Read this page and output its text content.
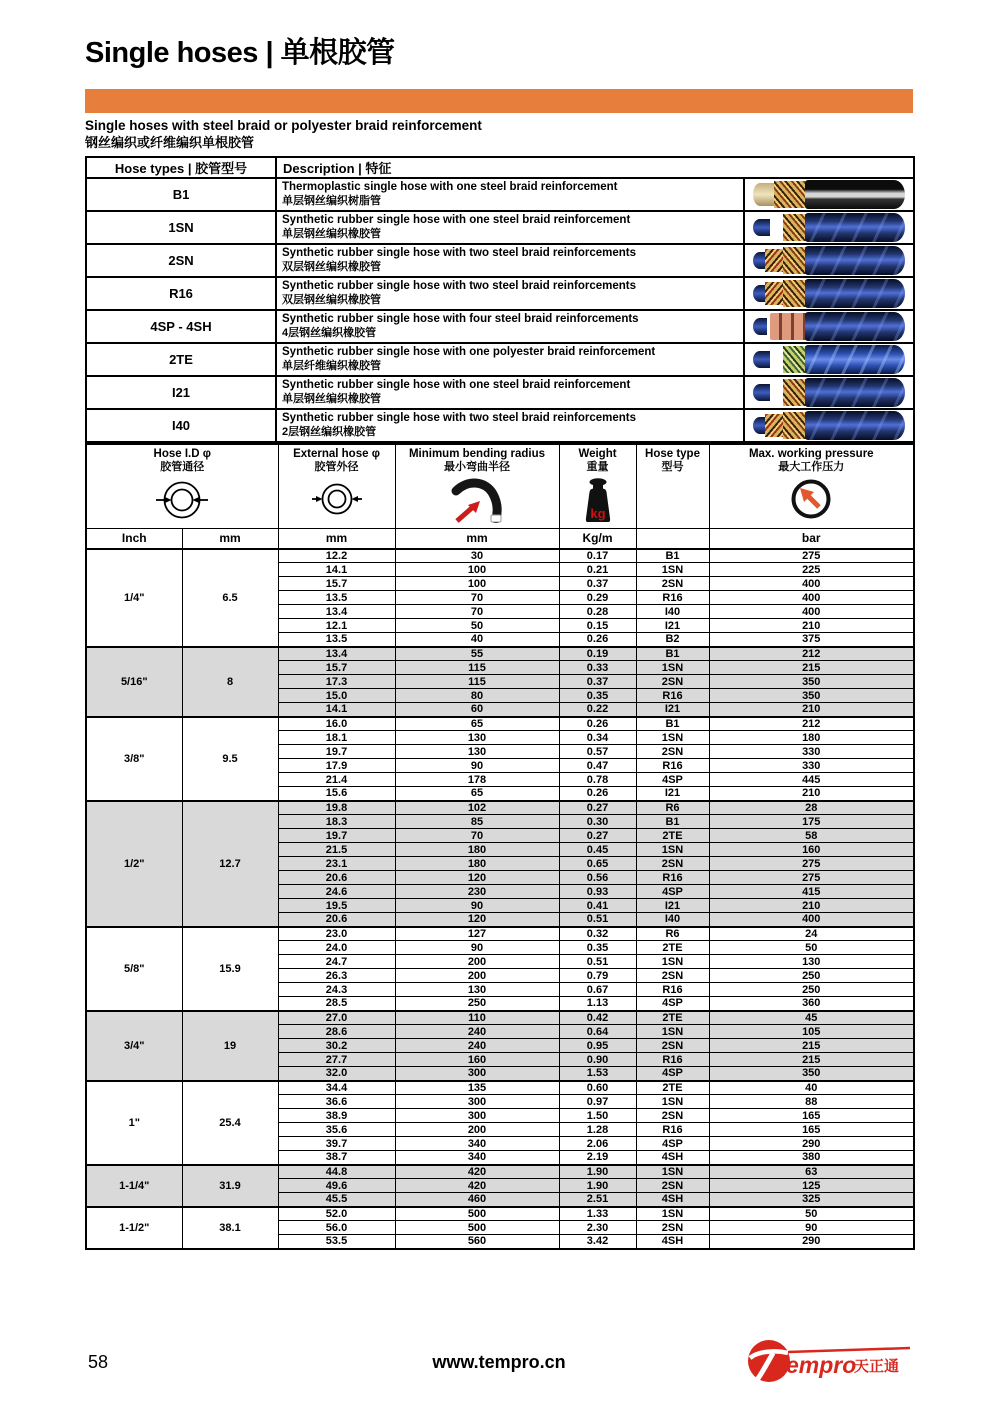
Single hoses | 单根胶管
Single hoses with steel braid or polyester braid reinforcement
钢丝编织或纤维编织单根胶管
Hose types | 胶管型号	Description | 特征	
B1	Thermoplastic single hose with one steel braid reinforcement
单层钢丝编织树脂管	

1SN	Synthetic rubber single hose with one steel braid reinforcement
单层钢丝编织橡胶管	

2SN	Synthetic rubber single hose with two steel braid reinforcements
双层钢丝编织橡胶管	

R16	Synthetic rubber single hose with two steel braid reinforcements
双层钢丝编织橡胶管	

4SP - 4SH	Synthetic rubber single hose with four steel braid reinforcements
4层钢丝编织橡胶管	

2TE	Synthetic rubber single hose with one polyester braid reinforcement
单层纤维编织橡胶管	

I21	Synthetic rubber single hose with one steel braid reinforcement
单层钢丝编织橡胶管	

I40	Synthetic rubber single hose with two steel braid reinforcements
2层钢丝编织橡胶管	

Hose I.D φ
胶管通径

External hose φ
胶管外径

Minimum bending radius
最小弯曲半径

Weight
重量
kg

Hose type
型号

Max. working pressure
最大工作压力

Inch	mm	mm	mm	Kg/m		bar
1/4"	6.5	12.2	30	0.17	B1	275
		14.1	100	0.21	1SN	225
		15.7	100	0.37	2SN	400
		13.5	70	0.29	R16	400
		13.4	70	0.28	I40	400
		12.1	50	0.15	I21	210
		13.5	40	0.26	B2	375
5/16"	8	13.4	55	0.19	B1	212
		15.7	115	0.33	1SN	215
		17.3	115	0.37	2SN	350
		15.0	80	0.35	R16	350
		14.1	60	0.22	I21	210
3/8"	9.5	16.0	65	0.26	B1	212
		18.1	130	0.34	1SN	180
		19.7	130	0.57	2SN	330
		17.9	90	0.47	R16	330
		21.4	178	0.78	4SP	445
		15.6	65	0.26	I21	210
1/2"	12.7	19.8	102	0.27	R6	28
		18.3	85	0.30	B1	175
		19.7	70	0.27	2TE	58
		21.5	180	0.45	1SN	160
		23.1	180	0.65	2SN	275
		20.6	120	0.56	R16	275
		24.6	230	0.93	4SP	415
		19.5	90	0.41	I21	210
		20.6	120	0.51	I40	400
5/8"	15.9	23.0	127	0.32	R6	24
		24.0	90	0.35	2TE	50
		24.7	200	0.51	1SN	130
		26.3	200	0.79	2SN	250
		24.3	130	0.67	R16	250
		28.5	250	1.13	4SP	360
3/4"	19	27.0	110	0.42	2TE	45
		28.6	240	0.64	1SN	105
		30.2	240	0.95	2SN	215
		27.7	160	0.90	R16	215
		32.0	300	1.53	4SP	350
1"	25.4	34.4	135	0.60	2TE	40
		36.6	300	0.97	1SN	88
		38.9	300	1.50	2SN	165
		35.6	200	1.28	R16	165
		39.7	340	2.06	4SP	290
		38.7	340	2.19	4SH	380
1-1/4"	31.9	44.8	420	1.90	1SN	63
		49.6	420	1.90	2SN	125
		45.5	460	2.51	4SH	325
1-1/2"	38.1	52.0	500	1.33	1SN	50
		56.0	500	2.30	2SN	90
		53.5	560	3.42	4SH	290
58	www.tempro.cn	empro
天正通
